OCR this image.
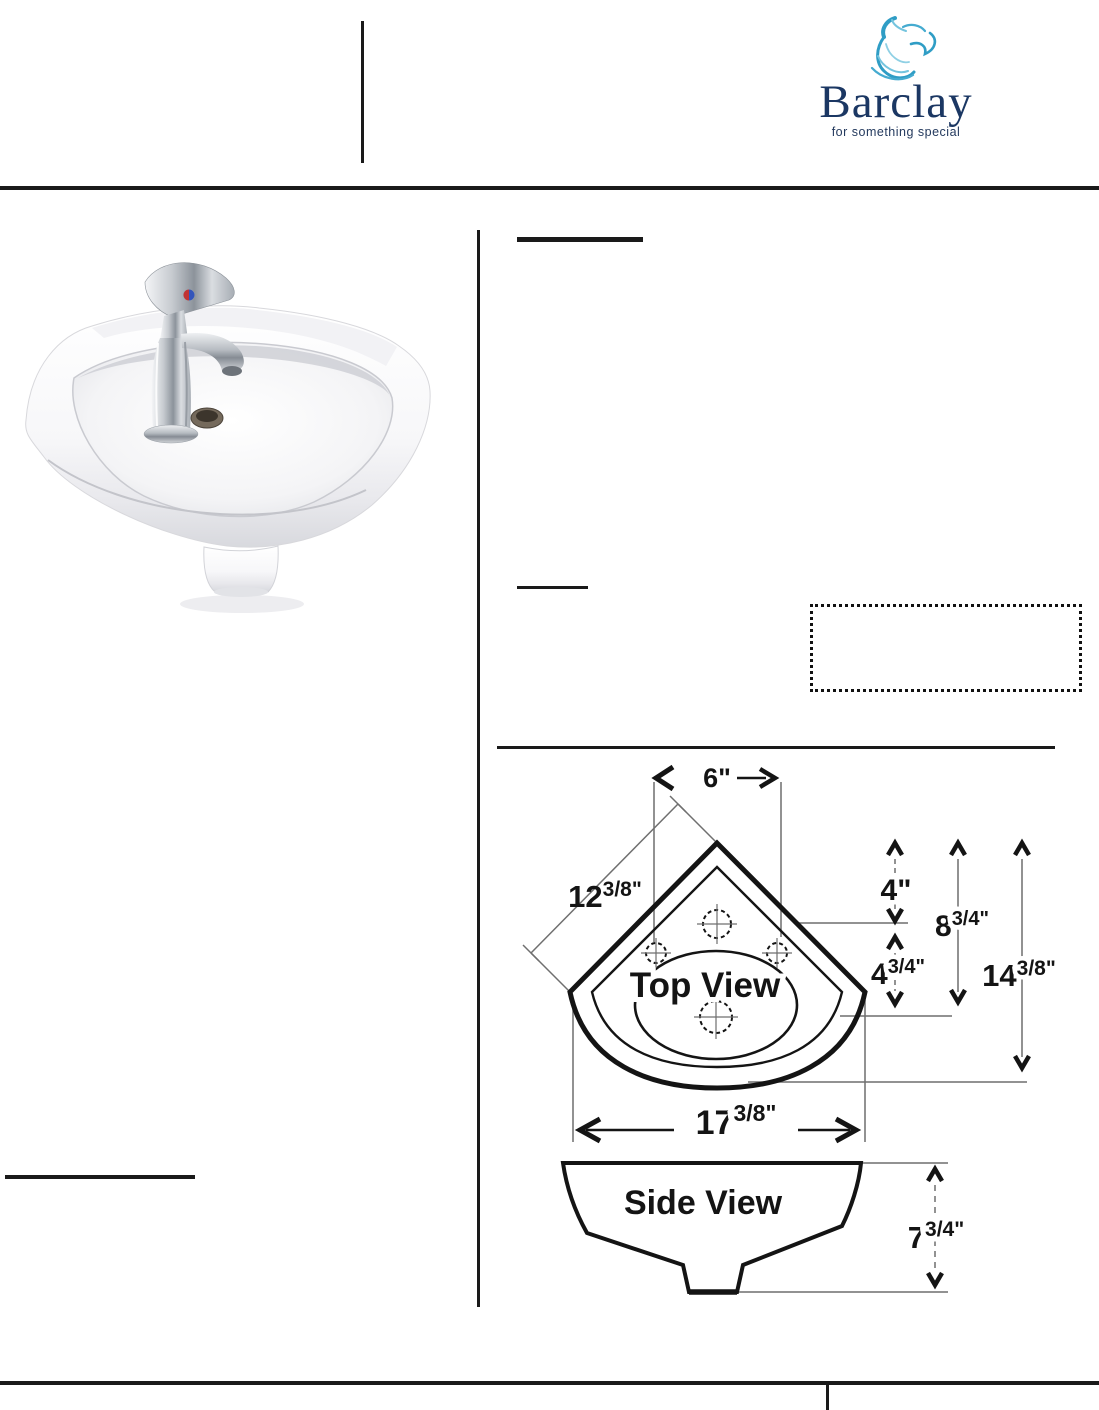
Barclay
for something special
Top View
6"
123/8"	4"
43/4"
83/4"
143/8"
173/8"
Side View
73/4"
